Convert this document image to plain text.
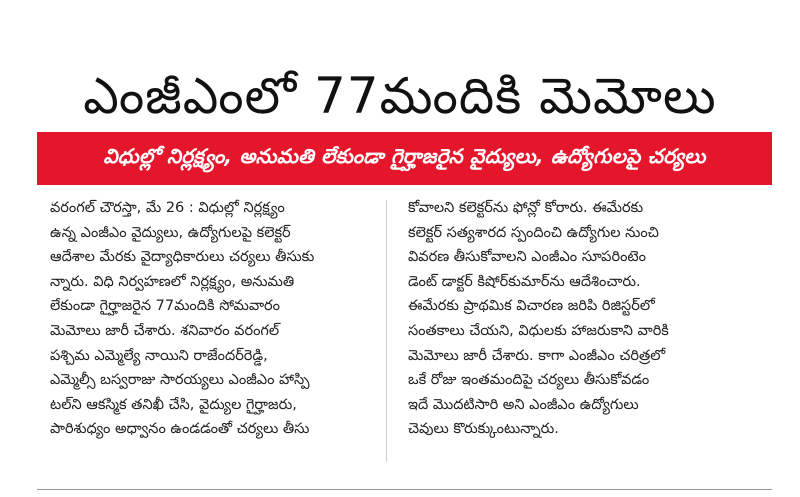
ఎంజీఎంలో 77మందికి మెమోలు
విధుల్లో నిర్లక్ష్యం, అనుమతి లేకుండా గైర్హాజరైన వైద్యులు, ఉద్యోగులపై చర్యలు
వరంగల్ చౌరస్తా, మే 26 : విధుల్లో నిర్లక్ష్యం
ఉన్న ఎంజీఎం వైద్యులు, ఉద్యోగులపై కలెక్టర్
ఆదేశాల మేరకు వైద్యాధికారులు చర్యలు తీసుకు
న్నారు. విధి నిర్వహణలో నిర్లక్ష్యం, అనుమతి
లేకుండా గైర్హాజరైన 77మందికి సోమవారం
మెమోలు జారీ చేశారు. శనివారం వరంగల్
పశ్చిమ ఎమ్మెల్యే నాయిని రాజేందర్‌రెడ్డి,
ఎమ్మెల్సీ బస్వరాజు సారయ్యలు ఎంజీఎం హాస్పి
టల్‌ని ఆకస్మిక తనిఖీ చేసి, వైద్యుల గైర్హాజరు,
పారిశుధ్యం అధ్వానం ఉండడంతో చర్యలు తీసు
కోవాలని కలెక్టర్‌ను ఫోన్లో కోరారు. ఈమేరకు
కలెక్టర్ సత్యశారద స్పందించి ఉద్యోగుల నుంచి
వివరణ తీసుకోవాలని ఎంజీఎం సూపరింటెం
డెంట్ డాక్టర్ కిషోర్‌కుమార్‌ను ఆదేశించారు.
ఈమేరకు ప్రాథమిక విచారణ జరిపి రిజిస్టర్‌లో
సంతకాలు చేయని, విధులకు హాజరుకాని వారికి
మెమోలు జారీ చేశారు. కాగా ఎంజీఎం చరిత్రలో
ఒకే రోజు ఇంతమందిపై చర్యలు తీసుకోవడం
ఇదే మొదటిసారి అని ఎంజీఎం ఉద్యోగులు
చెవులు కొరుక్కుంటున్నారు.
